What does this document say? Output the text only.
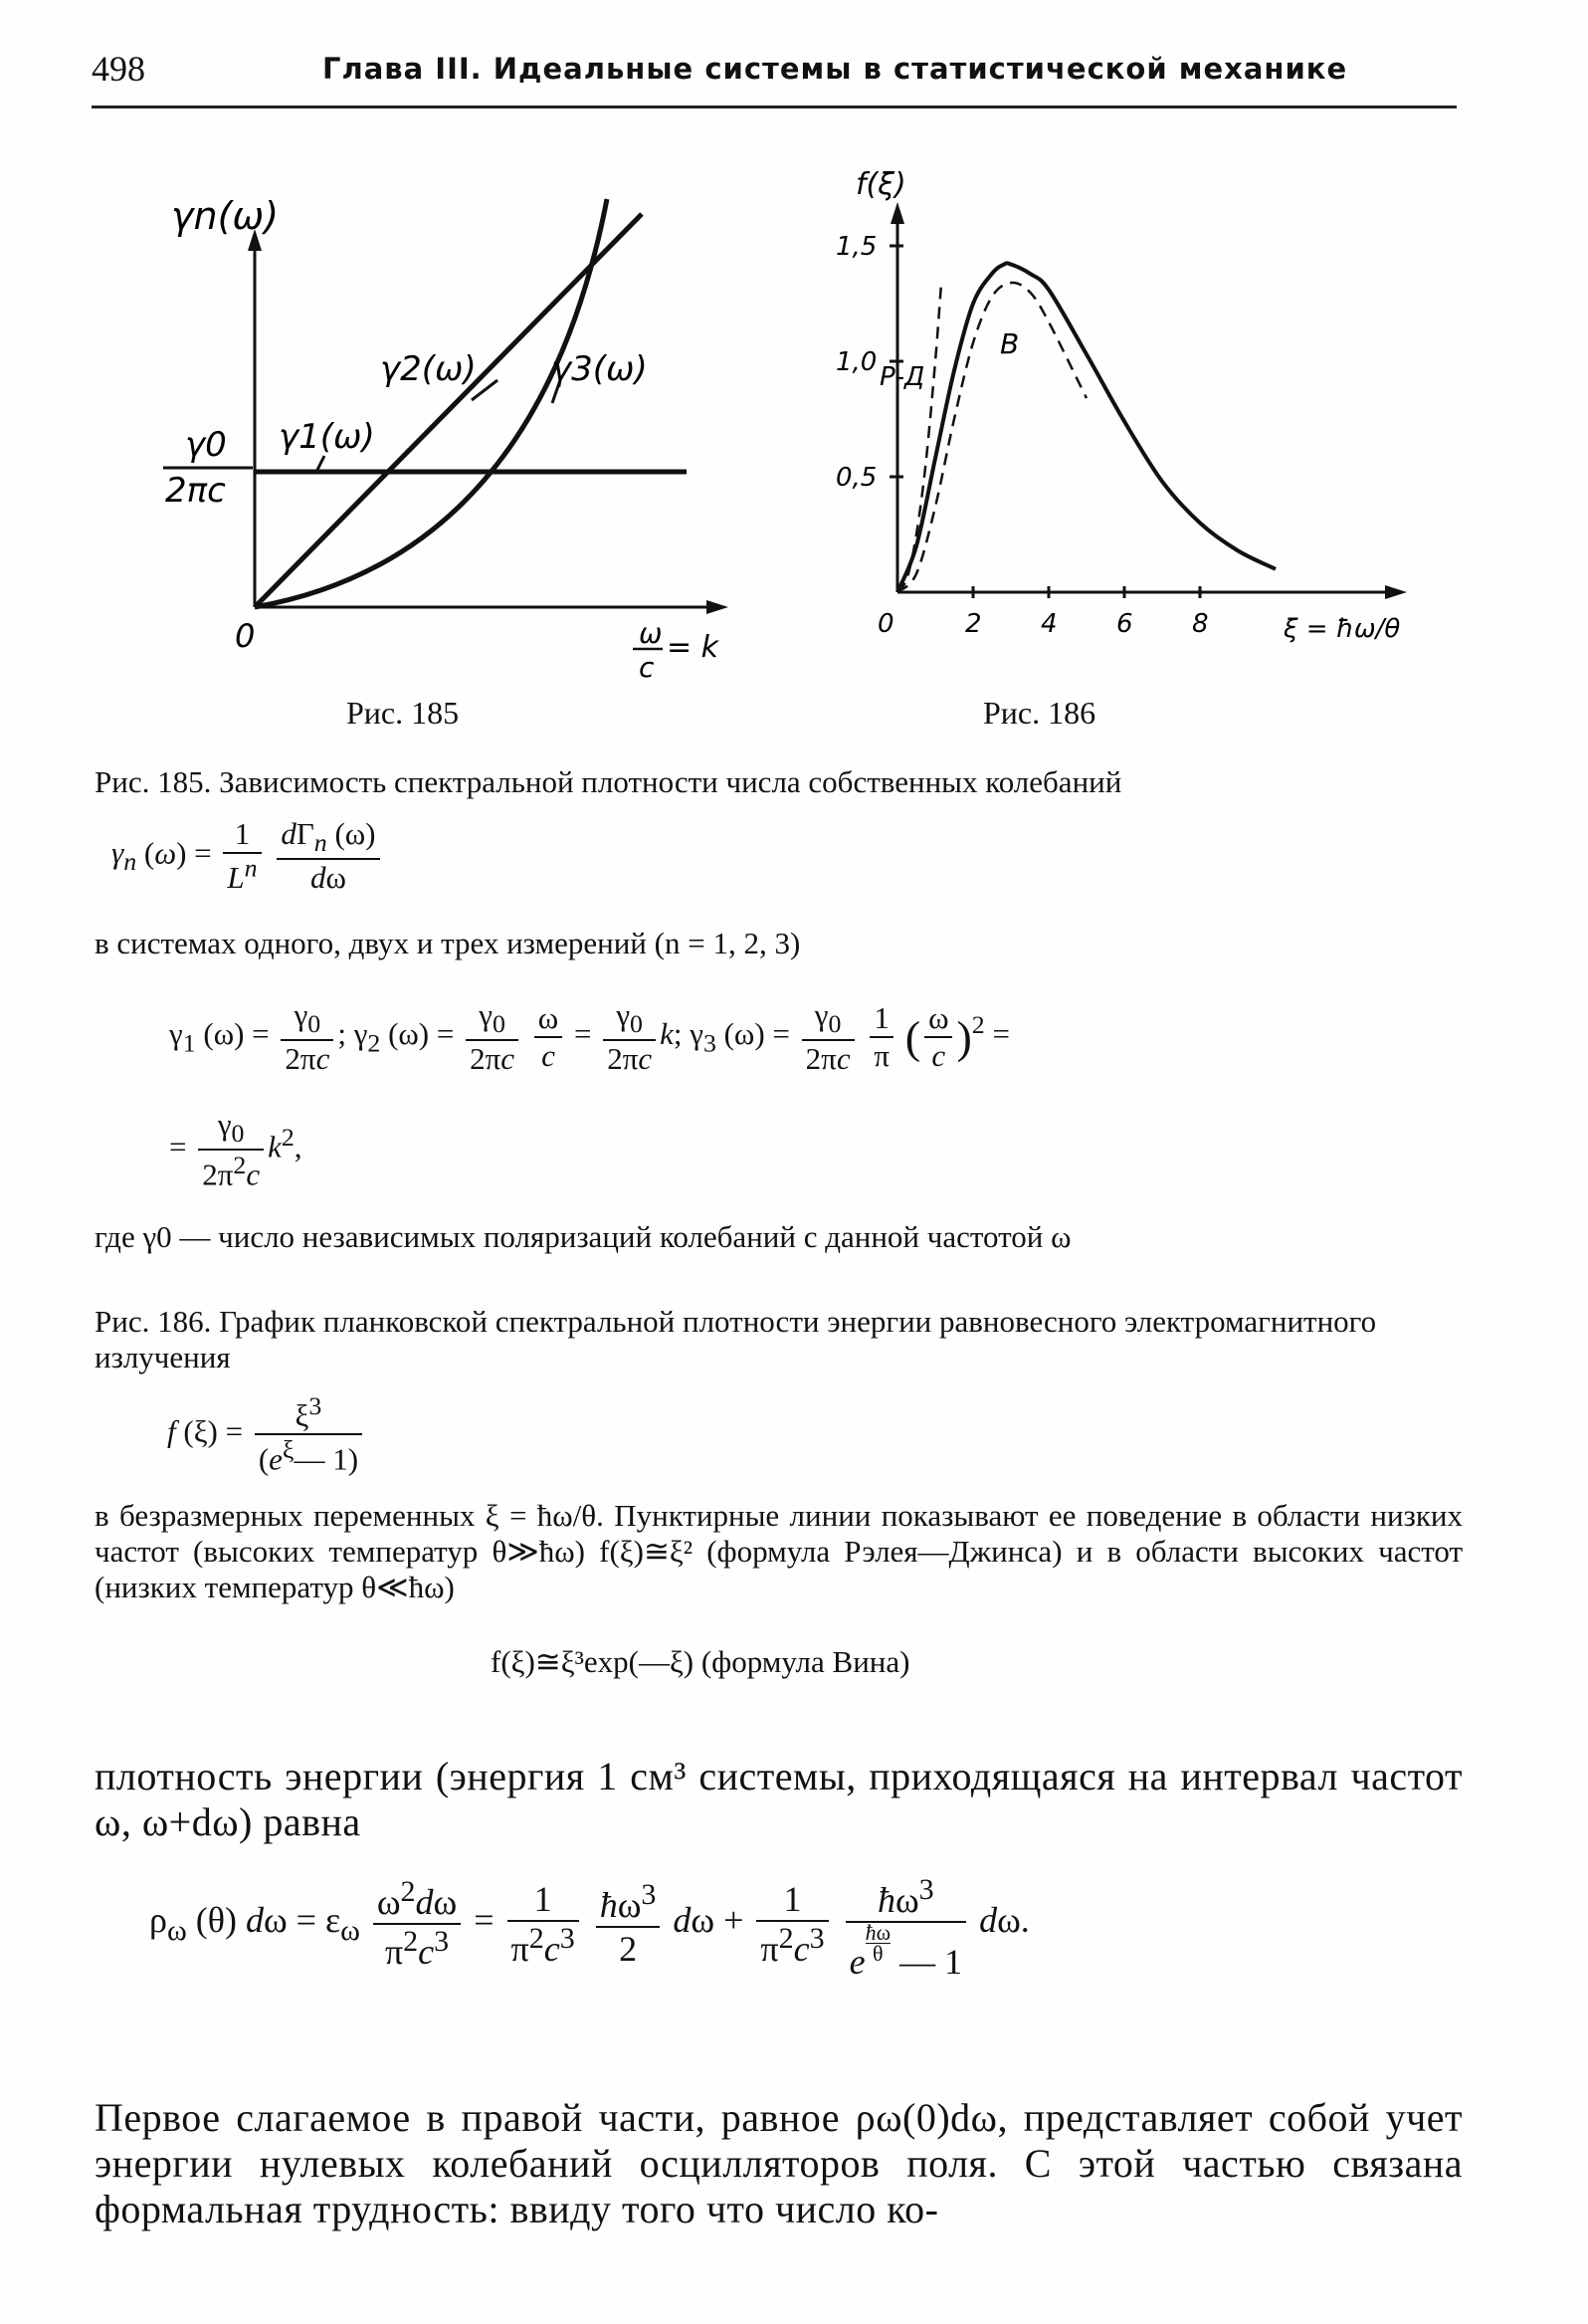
498	Глава III. Идеальные системы в статистической механике
γn(ω)
γ0
2πc
0
γ1(ω)
γ2(ω) γ3(ω)
ω
c
= k
Рис. 185
f(ξ)
Р-Д
В
ξ = ħω/θ
1,5
1,0
0,5
0	2 4 6 8
Рис. 186
Рис. 185. Зависимость спектральной плотности числа собственных колебаний
$\gamma_n$ $(\omega) = \frac{1}{L^n}$
$d\Gamma_n$ (ω)
dω
в системах одного, двух и трех измерений (n = 1, 2, 3)
$\gamma_1$ $(\omega) = \frac{\gamma_0}{2\pi c}$ ; $\gamma_2$ $(\omega) = \frac{\gamma_0}{2\pi c}$
$\frac{\omega}{c} = \frac{\gamma_0}{2\pi c} k$; $\gamma_3$ $(\omega) = \frac{\gamma_0}{2\pi c}$
$\frac{1}{\pi}$ ( $\frac{\omega}{c} )^2$ =
= $\frac{\gamma_0}{2\pi^2c} k^2$,
где γ0 — число независимых поляризаций колебаний с данной частотой ω
Рис. 186. График планковской спектральной плотности энергии равновесного электромагнитного излучения
f $(\xi) = \frac{\xi^3}{(e^\xi— 1)}$
в безразмерных переменных ξ = ħω/θ. Пунктирные линии показывают ее поведение в области низких частот (высоких температур θ≫ħω) f(ξ)≅ξ² (формула Рэлея—Джинса) и в области высоких частот (низких температур θ≪ħω)
f(ξ)≅ξ³exp(—ξ) (формула Вина)
плотность энергии (энергия 1 см³ системы, приходящаяся на интервал частот ω, ω+dω) равна
$\rho_\omega$ (θ) $d\omega = \varepsilon_\omega \frac{\omega^2d\omega}{\pi^2c^3} = \frac{1}{\pi^2c^3}$
$\frac{ħ\omega^3}{2}$ $d\omega + \frac{1}{\pi^2c^3}$
	$ħ\omega^3$
e $^{\frac{ħ\omega}{\theta}}$ — 1
dω.
Первое слагаемое в правой части, равное ρω(0)dω, представляет собой учет энергии нулевых колебаний осцилляторов поля. С этой частью связана формальная трудность: ввиду того что число ко-
